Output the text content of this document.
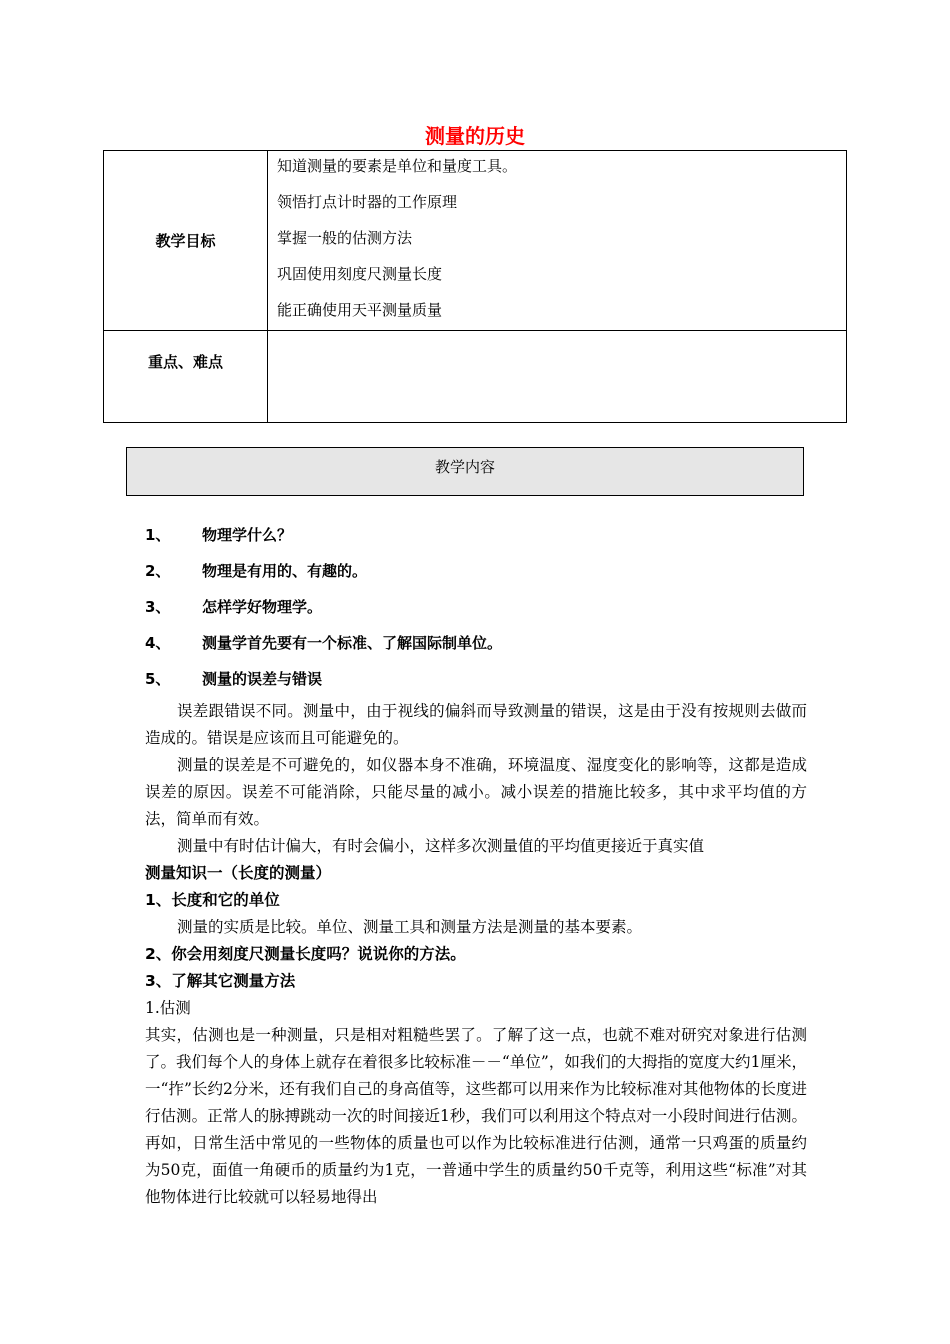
测量的历史
教学目标	知道测量的要素是单位和量度工具。
领悟打点计时器的工作原理
掌握一般的估测方法
巩固使用刻度尺测量长度
能正确使用天平测量质量

重点、难点	
教学内容
1、	物理学什么？
2、	物理是有用的、有趣的。
3、	怎样学好物理学。
4、	测量学首先要有一个标准、了解国际制单位。
5、	测量的误差与错误

误差跟错误不同。测量中，由于视线的偏斜而导致测量的错误，这是由于没有按规则去做而造成的。错误是应该而且可能避免的。

测量的误差是不可避免的，如仪器本身不准确，环境温度、湿度变化的影响等，这都是造成误差的原因。误差不可能消除，只能尽量的减小。减小误差的措施比较多，其中求平均值的方法，简单而有效。

测量中有时估计偏大，有时会偏小，这样多次测量值的平均值更接近于真实值

测量知识一（长度的测量）

1、长度和它的单位

测量的实质是比较。单位、测量工具和测量方法是测量的基本要素。

2、你会用刻度尺测量长度吗？说说你的方法。

3、了解其它测量方法

1.估测

其实，估测也是一种测量，只是相对粗糙些罢了。了解了这一点，也就不难对研究对象进行估测了。我们每个人的身体上就存在着很多比较标准－－“单位”，如我们的大拇指的宽度大约1厘米，一“拃”长约2分米，还有我们自己的身高值等，这些都可以用来作为比较标准对其他物体的长度进行估测。正常人的脉搏跳动一次的时间接近1秒，我们可以利用这个特点对一小段时间进行估测。再如，日常生活中常见的一些物体的质量也可以作为比较标准进行估测，通常一只鸡蛋的质量约为50克，面值一角硬币的质量约为1克，一普通中学生的质量约50千克等，利用这些“标准”对其他物体进行比较就可以轻易地得出
